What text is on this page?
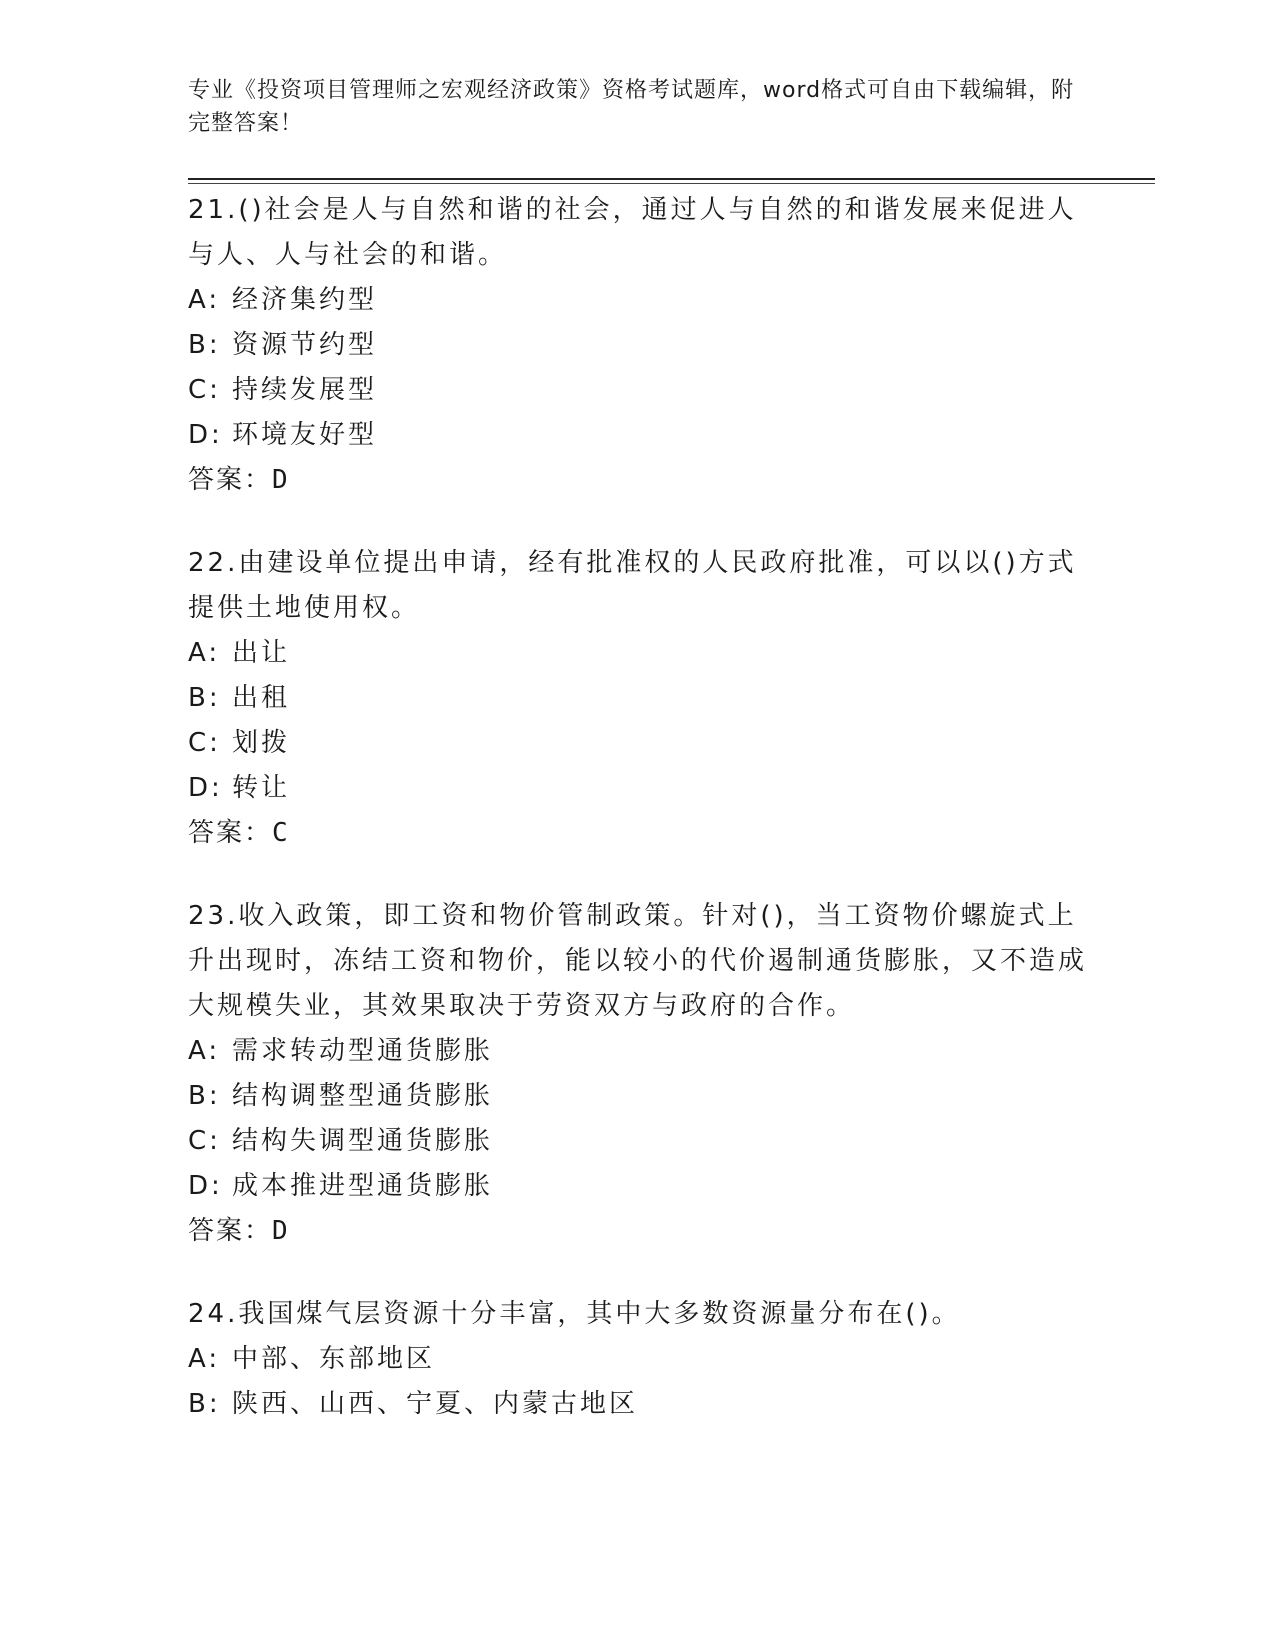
专业《投资项目管理师之宏观经济政策》资格考试题库，word格式可自由下载编辑，附完整答案！

21.()社会是人与自然和谐的社会，通过人与自然的和谐发展来促进人与人、人与社会的和谐。

A: 经济集约型

B: 资源节约型

C: 持续发展型

D: 环境友好型

答案：D

22.由建设单位提出申请，经有批准权的人民政府批准，可以以()方式提供土地使用权。

A: 出让

B: 出租

C: 划拨

D: 转让

答案：C

23.收入政策，即工资和物价管制政策。针对()，当工资物价螺旋式上升出现时，冻结工资和物价，能以较小的代价遏制通货膨胀，又不造成大规模失业，其效果取决于劳资双方与政府的合作。

A: 需求转动型通货膨胀

B: 结构调整型通货膨胀

C: 结构失调型通货膨胀

D: 成本推进型通货膨胀

答案：D

24.我国煤气层资源十分丰富，其中大多数资源量分布在()。

A: 中部、东部地区

B: 陕西、山西、宁夏、内蒙古地区
